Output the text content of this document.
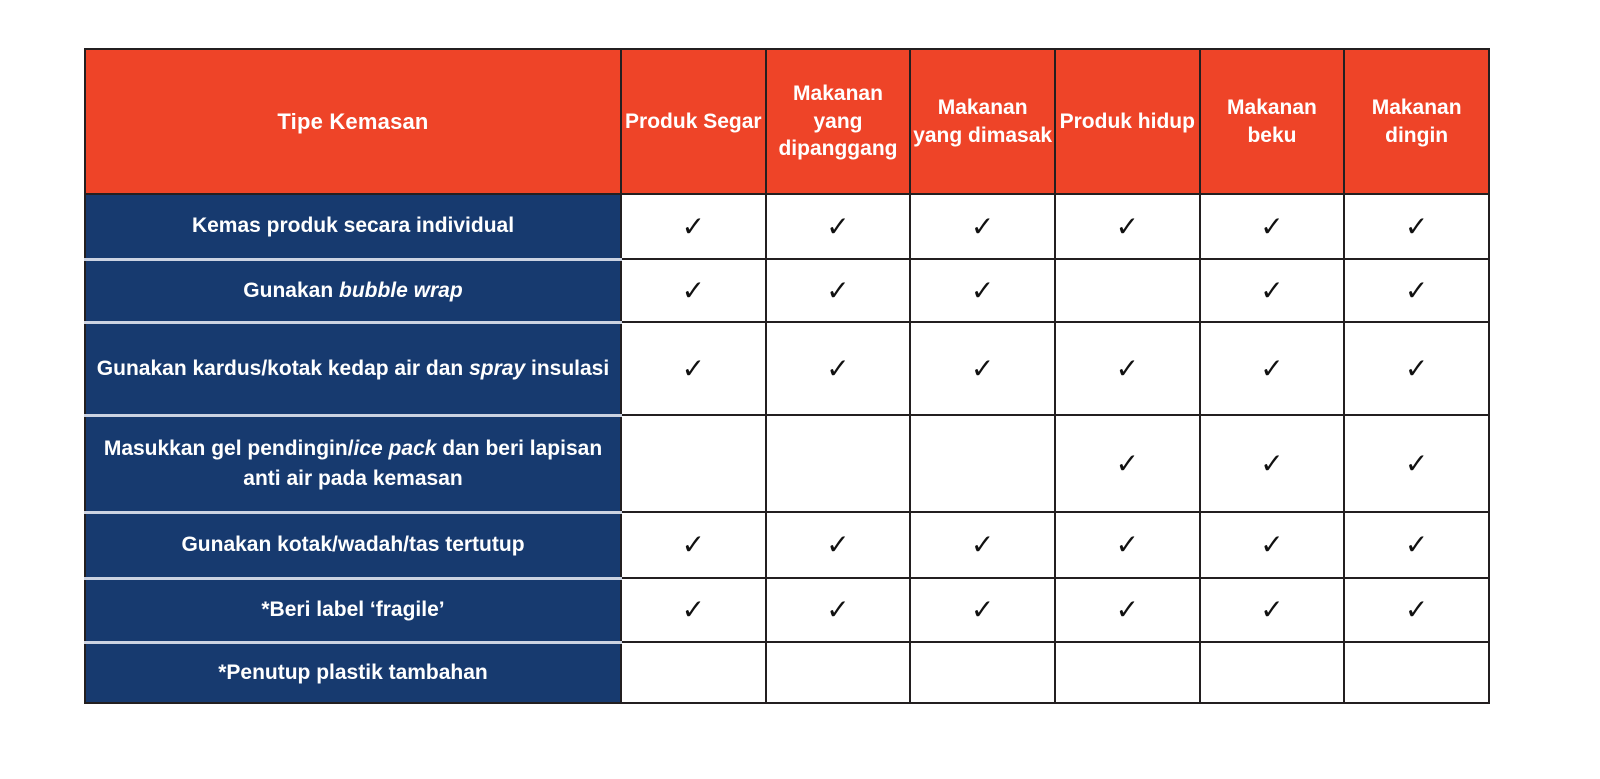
Tipe Kemasan	Produk Segar	Makanan yang dipanggang	Makanan yang dimasak	Produk hidup	Makanan beku	Makanan dingin
Kemas produk secara individual	✓	✓	✓	✓	✓	✓
Gunakan bubble wrap	✓	✓	✓		✓	✓
Gunakan kardus/kotak kedap air dan spray insulasi	✓	✓	✓	✓	✓	✓
Masukkan gel pendingin/ice pack dan beri lapisan anti air pada kemasan				✓	✓	✓
Gunakan kotak/wadah/tas tertutup	✓	✓	✓	✓	✓	✓
*Beri label ‘fragile’	✓	✓	✓	✓	✓	✓
*Penutup plastik tambahan						
